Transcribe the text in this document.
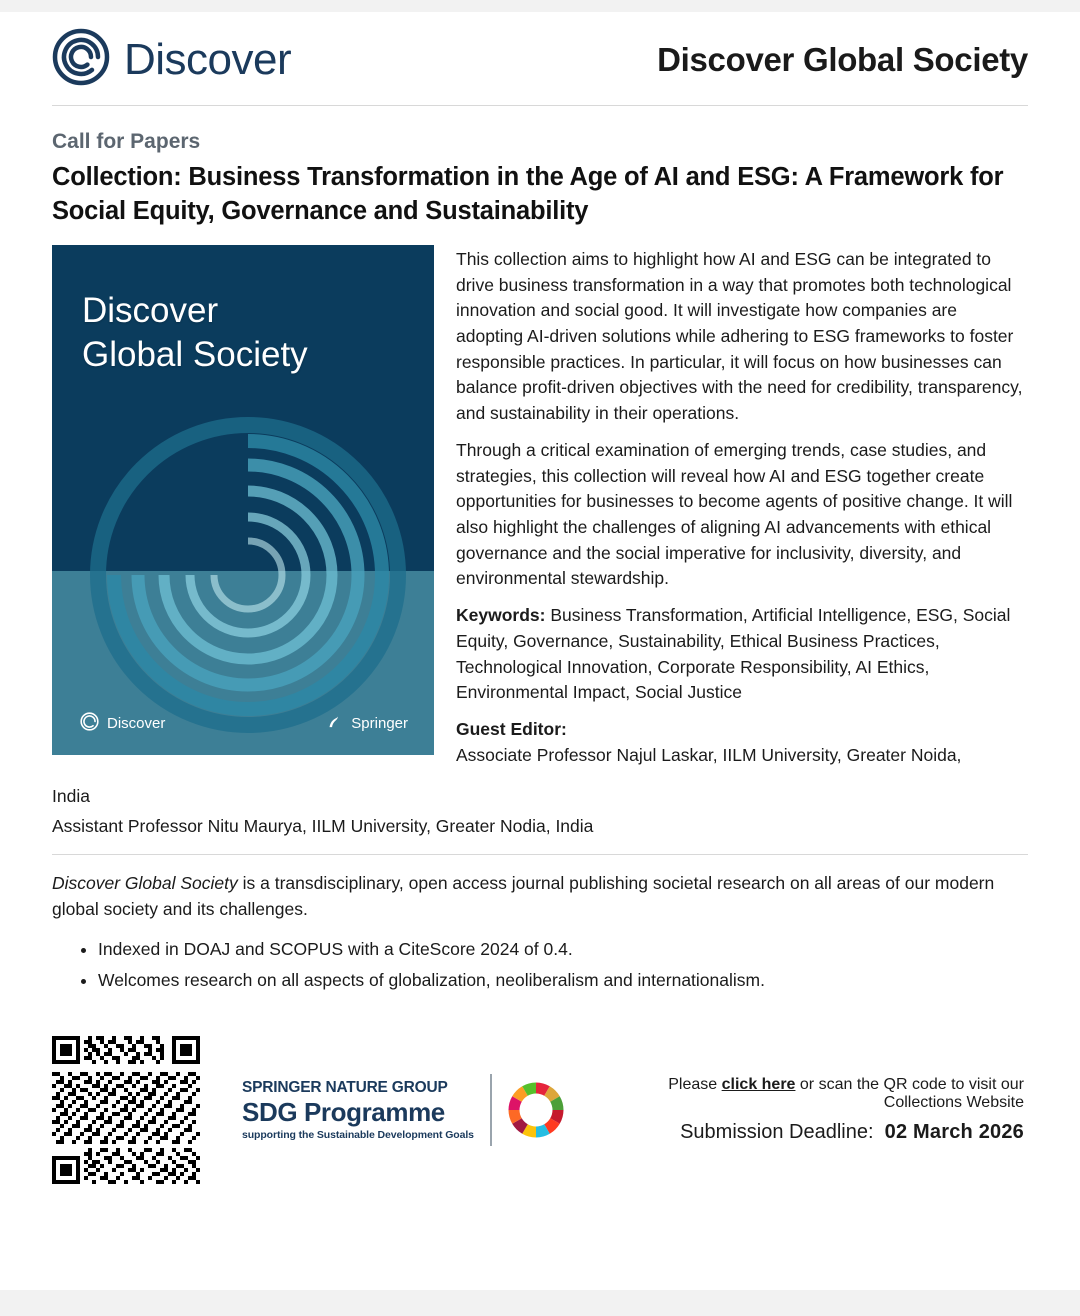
Discover	Discover Global Society
Call for Papers
Collection: Business Transformation in the Age of AI and ESG: A Framework for Social Equity, Governance and Sustainability
Discover
Global Society
Discover	Springer

This collection aims to highlight how AI and ESG can be integrated to drive business transformation in a way that promotes both technological innovation and social good. It will investigate how companies are adopting AI-driven solutions while adhering to ESG frameworks to foster responsible practices. In particular, it will focus on how businesses can balance profit-driven objectives with the need for credibility, transparency, and sustainability in their operations.

Through a critical examination of emerging trends, case studies, and strategies, this collection will reveal how AI and ESG together create opportunities for businesses to become agents of positive change. It will also highlight the challenges of aligning AI advancements with ethical governance and the social imperative for inclusivity, diversity, and environmental stewardship.

Keywords: Business Transformation, Artificial Intelligence, ESG, Social Equity, Governance, Sustainability, Ethical Business Practices, Technological Innovation, Corporate Responsibility, AI Ethics, Environmental Impact, Social Justice

Guest Editor:
Associate Professor Najul Laskar, IILM University, Greater Noida,

India
Assistant Professor Nitu Maurya, IILM University, Greater Nodia, India
Discover Global Society is a transdisciplinary, open access journal publishing societal research on all areas of our modern global society and its challenges.
• Indexed in DOAJ and SCOPUS with a CiteScore 2024 of 0.4.
• Welcomes research on all aspects of globalization, neoliberalism and internationalism.
SPRINGER NATURE GROUP
SDG Programme
supporting the Sustainable Development Goals
Please click here or scan the QR code to visit our Collections Website
Submission Deadline: 02 March 2026
